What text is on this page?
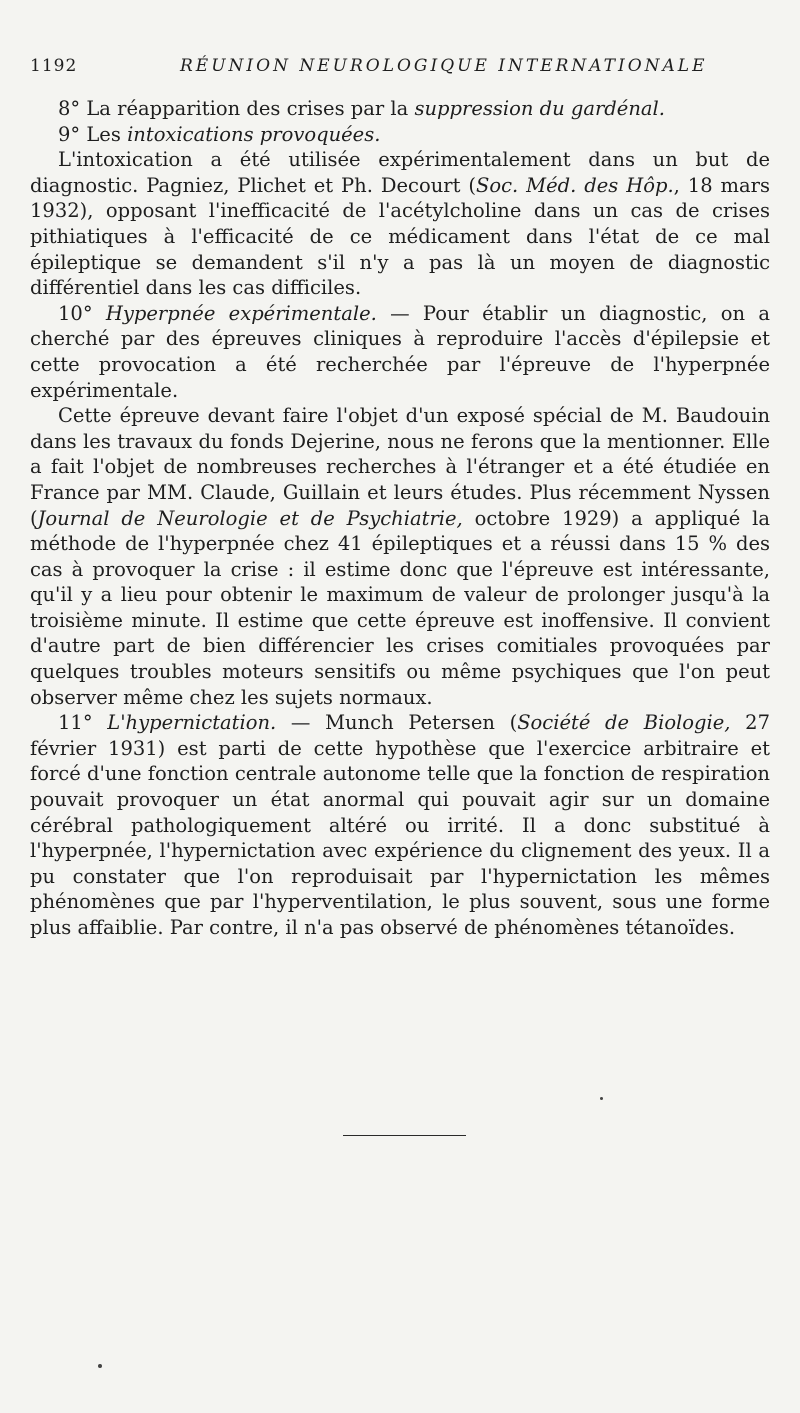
1192	RÉUNION NEUROLOGIQUE INTERNATIONALE

8° La réapparition des crises par la suppression du gardénal.

9° Les intoxications provoquées.

L'intoxication a été utilisée expérimentalement dans un but de diagnostic. Pagniez, Plichet et Ph. Decourt (Soc. Méd. des Hôp., 18 mars 1932), opposant l'inefficacité de l'acétylcholine dans un cas de crises pithiatiques à l'efficacité de ce médicament dans l'état de ce mal épileptique se demandent s'il n'y a pas là un moyen de diagnostic différentiel dans les cas difficiles.

10° Hyperpnée expérimentale. — Pour établir un diagnostic, on a cherché par des épreuves cliniques à reproduire l'accès d'épilepsie et cette provocation a été recherchée par l'épreuve de l'hyperpnée expérimentale.

Cette épreuve devant faire l'objet d'un exposé spécial de M. Baudouin dans les travaux du fonds Dejerine, nous ne ferons que la mentionner. Elle a fait l'objet de nombreuses recherches à l'étranger et a été étudiée en France par MM. Claude, Guillain et leurs études. Plus récemment Nyssen (Journal de Neurologie et de Psychiatrie, octobre 1929) a appliqué la méthode de l'hyperpnée chez 41 épileptiques et a réussi dans 15 % des cas à provoquer la crise : il estime donc que l'épreuve est intéressante, qu'il y a lieu pour obtenir le maximum de valeur de prolonger jusqu'à la troisième minute. Il estime que cette épreuve est inoffensive. Il convient d'autre part de bien différencier les crises comitiales provoquées par quelques troubles moteurs sensitifs ou même psychiques que l'on peut observer même chez les sujets normaux.

11° L'hypernictation. — Munch Petersen (Société de Biologie, 27 février 1931) est parti de cette hypothèse que l'exercice arbitraire et forcé d'une fonction centrale autonome telle que la fonction de respiration pouvait provoquer un état anormal qui pouvait agir sur un domaine cérébral pathologiquement altéré ou irrité. Il a donc substitué à l'hyperpnée, l'hypernictation avec expérience du clignement des yeux. Il a pu constater que l'on reproduisait par l'hypernictation les mêmes phénomènes que par l'hyperventilation, le plus souvent, sous une forme plus affaiblie. Par contre, il n'a pas observé de phénomènes tétanoïdes.
